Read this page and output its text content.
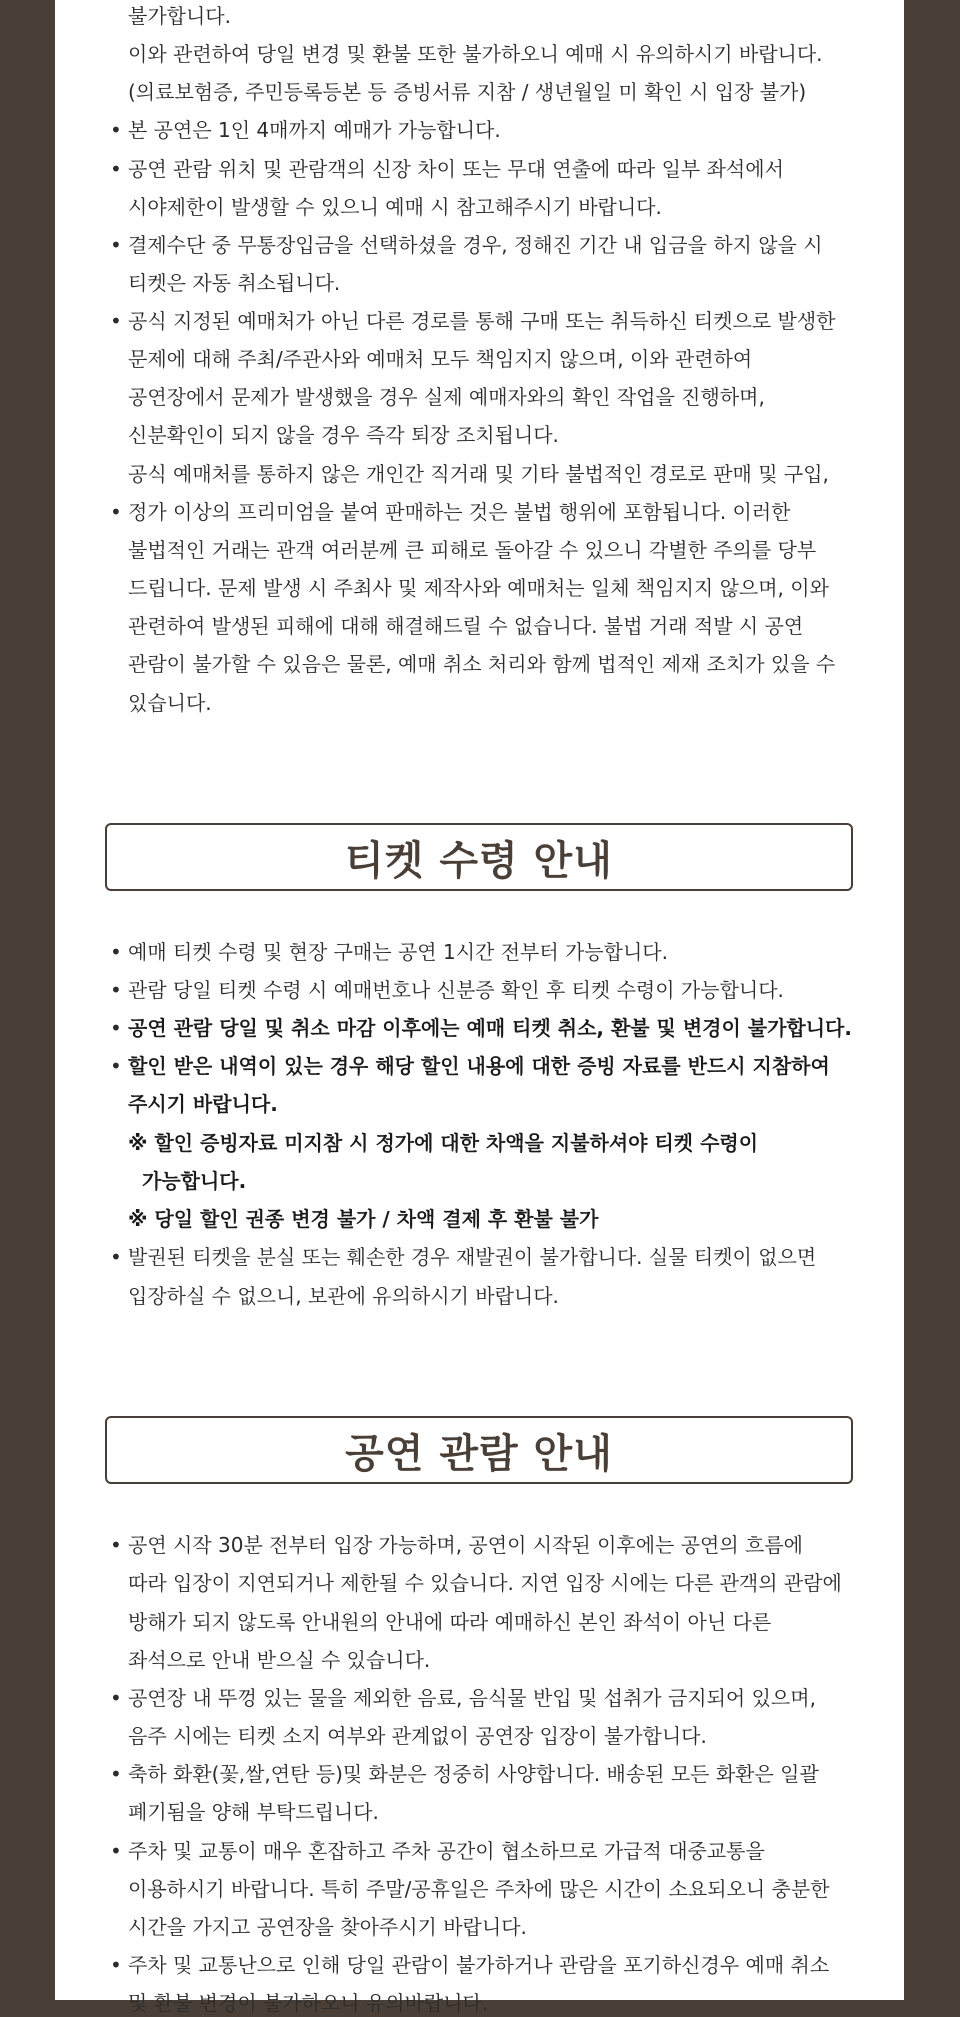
불가합니다.
이와 관련하여 당일 변경 및 환불 또한 불가하오니 예매 시 유의하시기 바랍니다.
(의료보험증, 주민등록등본 등 증빙서류 지참 / 생년월일 미 확인 시 입장 불가)
• 본 공연은 1인 4매까지 예매가 가능합니다.
• 공연 관람 위치 및 관람객의 신장 차이 또는 무대 연출에 따라 일부 좌석에서
시야제한이 발생할 수 있으니 예매 시 참고해주시기 바랍니다.
• 결제수단 중 무통장입금을 선택하셨을 경우, 정해진 기간 내 입금을 하지 않을 시
티켓은 자동 취소됩니다.
• 공식 지정된 예매처가 아닌 다른 경로를 통해 구매 또는 취득하신 티켓으로 발생한
문제에 대해 주최/주관사와 예매처 모두 책임지지 않으며, 이와 관련하여
공연장에서 문제가 발생했을 경우 실제 예매자와의 확인 작업을 진행하며,
신분확인이 되지 않을 경우 즉각 퇴장 조치됩니다.
공식 예매처를 통하지 않은 개인간 직거래 및 기타 불법적인 경로로 판매 및 구입,
• 정가 이상의 프리미엄을 붙여 판매하는 것은 불법 행위에 포함됩니다. 이러한
불법적인 거래는 관객 여러분께 큰 피해로 돌아갈 수 있으니 각별한 주의를 당부
드립니다. 문제 발생 시 주최사 및 제작사와 예매처는 일체 책임지지 않으며, 이와
관련하여 발생된 피해에 대해 해결해드릴 수 없습니다. 불법 거래 적발 시 공연
관람이 불가할 수 있음은 물론, 예매 취소 처리와 함께 법적인 제재 조치가 있을 수
있습니다.
티켓 수령 안내
• 예매 티켓 수령 및 현장 구매는 공연 1시간 전부터 가능합니다.
• 관람 당일 티켓 수령 시 예매번호나 신분증 확인 후 티켓 수령이 가능합니다.
• 공연 관람 당일 및 취소 마감 이후에는 예매 티켓 취소, 환불 및 변경이 불가합니다.
• 할인 받은 내역이 있는 경우 해당 할인 내용에 대한 증빙 자료를 반드시 지참하여
주시기 바랍니다.
※ 할인 증빙자료 미지참 시 정가에 대한 차액을 지불하셔야 티켓 수령이
가능합니다.
※ 당일 할인 권종 변경 불가 / 차액 결제 후 환불 불가
• 발권된 티켓을 분실 또는 훼손한 경우 재발권이 불가합니다. 실물 티켓이 없으면
입장하실 수 없으니, 보관에 유의하시기 바랍니다.
공연 관람 안내
• 공연 시작 30분 전부터 입장 가능하며, 공연이 시작된 이후에는 공연의 흐름에
따라 입장이 지연되거나 제한될 수 있습니다. 지연 입장 시에는 다른 관객의 관람에
방해가 되지 않도록 안내원의 안내에 따라 예매하신 본인 좌석이 아닌 다른
좌석으로 안내 받으실 수 있습니다.
• 공연장 내 뚜껑 있는 물을 제외한 음료, 음식물 반입 및 섭취가 금지되어 있으며,
음주 시에는 티켓 소지 여부와 관계없이 공연장 입장이 불가합니다.
• 축하 화환(꽃,쌀,연탄 등)및 화분은 정중히 사양합니다. 배송된 모든 화환은 일괄
폐기됨을 양해 부탁드립니다.
• 주차 및 교통이 매우 혼잡하고 주차 공간이 협소하므로 가급적 대중교통을
이용하시기 바랍니다. 특히 주말/공휴일은 주차에 많은 시간이 소요되오니 충분한
시간을 가지고 공연장을 찾아주시기 바랍니다.
• 주차 및 교통난으로 인해 당일 관람이 불가하거나 관람을 포기하신경우 예매 취소
및 환불 변경이 불가하오니 유의바랍니다.
